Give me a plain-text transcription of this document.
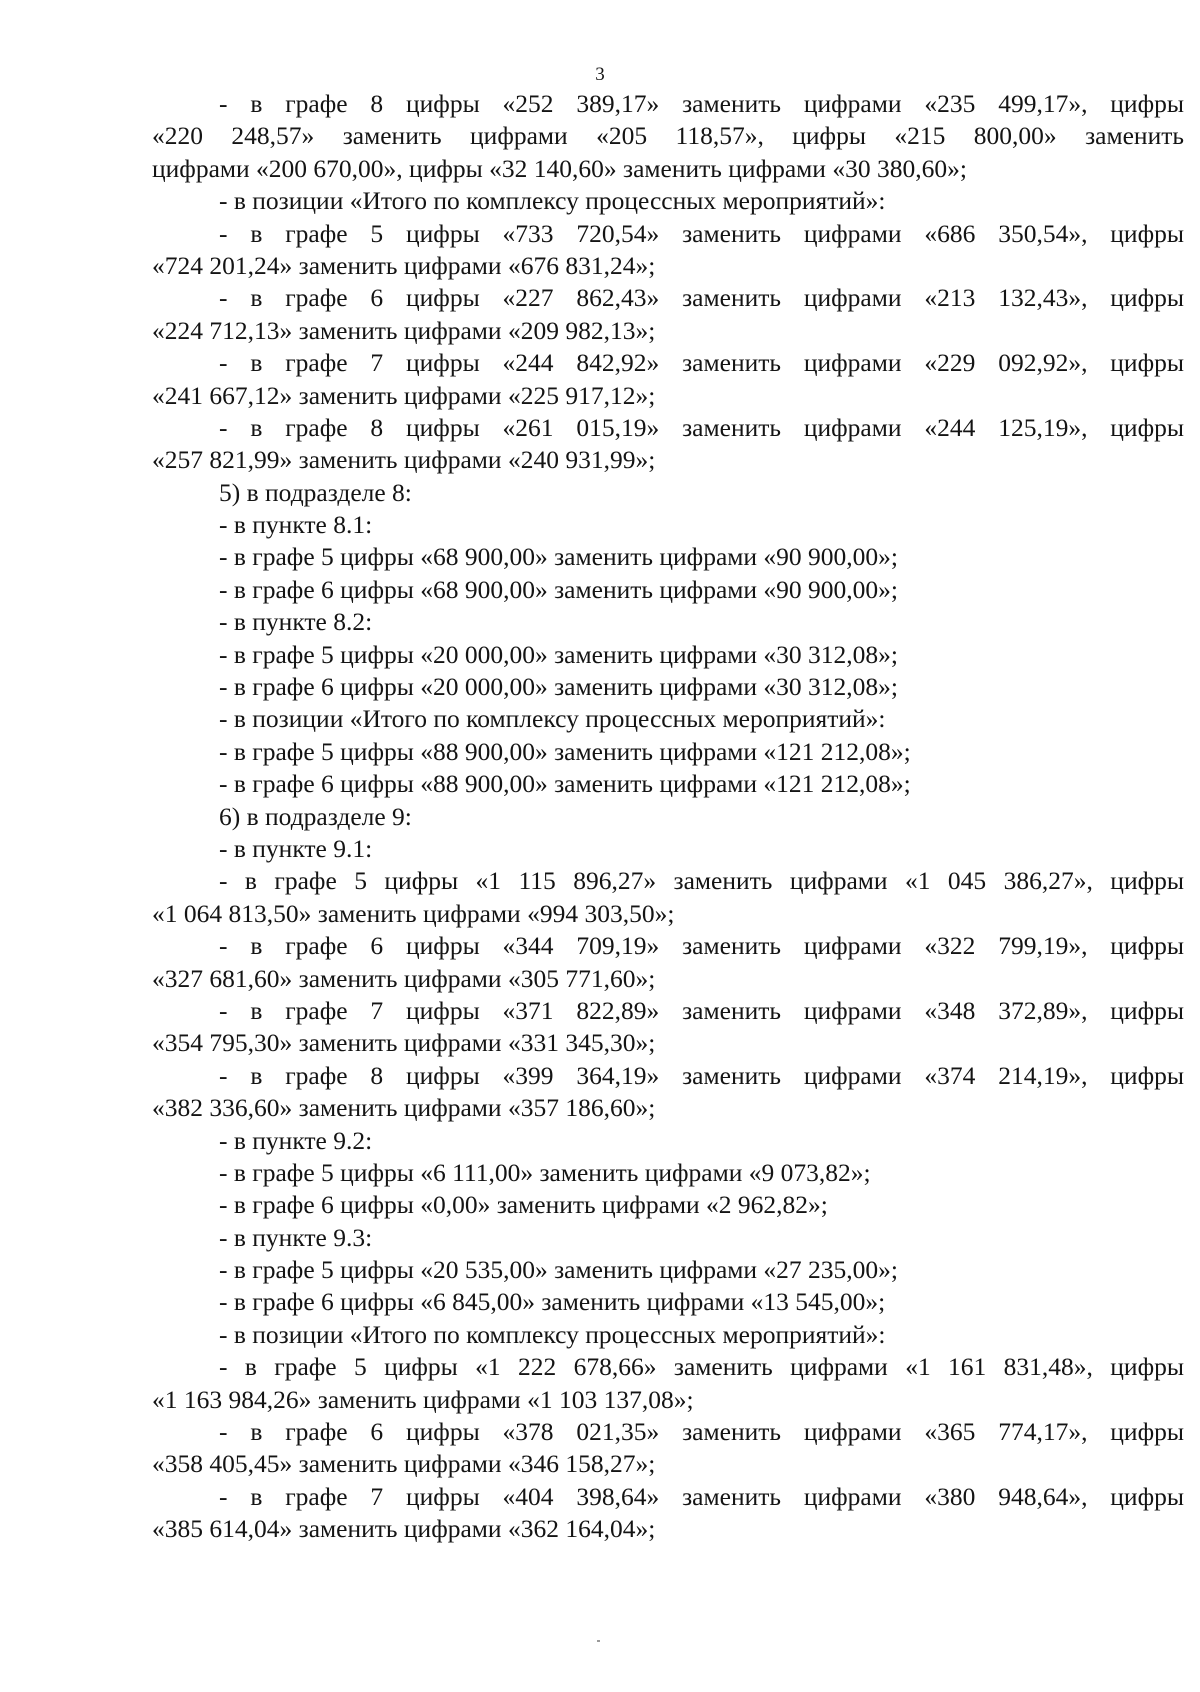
3
- в графе 8 цифры «252 389,17» заменить цифрами «235 499,17», цифры
«220 248,57» заменить цифрами «205 118,57», цифры «215 800,00» заменить
цифрами «200 670,00», цифры «32 140,60» заменить цифрами «30 380,60»;
- в позиции «Итого по комплексу процессных мероприятий»:
- в графе 5 цифры «733 720,54» заменить цифрами «686 350,54», цифры
«724 201,24» заменить цифрами «676 831,24»;
- в графе 6 цифры «227 862,43» заменить цифрами «213 132,43», цифры
«224 712,13» заменить цифрами «209 982,13»;
- в графе 7 цифры «244 842,92» заменить цифрами «229 092,92», цифры
«241 667,12» заменить цифрами «225 917,12»;
- в графе 8 цифры «261 015,19» заменить цифрами «244 125,19», цифры
«257 821,99» заменить цифрами «240 931,99»;
5) в подразделе 8:
- в пункте 8.1:
- в графе 5 цифры «68 900,00» заменить цифрами «90 900,00»;
- в графе 6 цифры «68 900,00» заменить цифрами «90 900,00»;
- в пункте 8.2:
- в графе 5 цифры «20 000,00» заменить цифрами «30 312,08»;
- в графе 6 цифры «20 000,00» заменить цифрами «30 312,08»;
- в позиции «Итого по комплексу процессных мероприятий»:
- в графе 5 цифры «88 900,00» заменить цифрами «121 212,08»;
- в графе 6 цифры «88 900,00» заменить цифрами «121 212,08»;
6) в подразделе 9:
- в пункте 9.1:
- в графе 5 цифры «1 115 896,27» заменить цифрами «1 045 386,27», цифры
«1 064 813,50» заменить цифрами «994 303,50»;
- в графе 6 цифры «344 709,19» заменить цифрами «322 799,19», цифры
«327 681,60» заменить цифрами «305 771,60»;
- в графе 7 цифры «371 822,89» заменить цифрами «348 372,89», цифры
«354 795,30» заменить цифрами «331 345,30»;
- в графе 8 цифры «399 364,19» заменить цифрами «374 214,19», цифры
«382 336,60» заменить цифрами «357 186,60»;
- в пункте 9.2:
- в графе 5 цифры «6 111,00» заменить цифрами «9 073,82»;
- в графе 6 цифры «0,00» заменить цифрами «2 962,82»;
- в пункте 9.3:
- в графе 5 цифры «20 535,00» заменить цифрами «27 235,00»;
- в графе 6 цифры «6 845,00» заменить цифрами «13 545,00»;
- в позиции «Итого по комплексу процессных мероприятий»:
- в графе 5 цифры «1 222 678,66» заменить цифрами «1 161 831,48», цифры
«1 163 984,26» заменить цифрами «1 103 137,08»;
- в графе 6 цифры «378 021,35» заменить цифрами «365 774,17», цифры
«358 405,45» заменить цифрами «346 158,27»;
- в графе 7 цифры «404 398,64» заменить цифрами «380 948,64», цифры
«385 614,04» заменить цифрами «362 164,04»;
